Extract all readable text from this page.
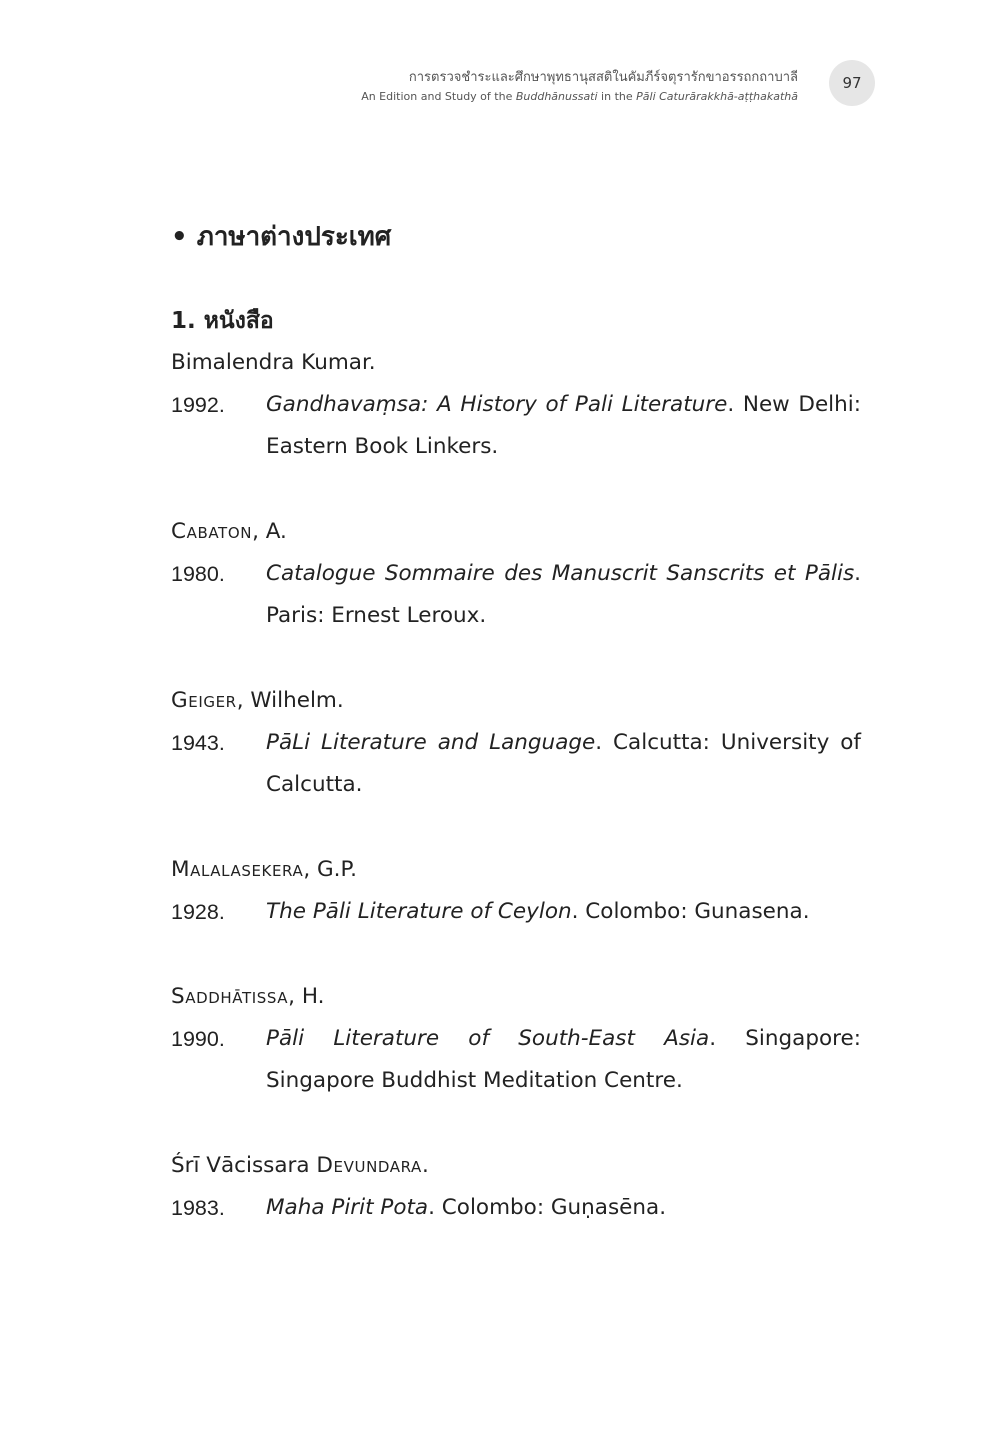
การตรวจชำระและศึกษาพุทธานุสสติในคัมภีร์จตุรารักขาอรรถกถาบาลี
An Edition and Study of the Buddhānussati in the Pāli Caturārakkhā-aṭṭhakathā
97
• ภาษาต่างประเทศ
1. หนังสือ
Bimalendra Kumar.
1992.	Gandhavaṃsa: A History of Pali Literature. New Delhi: Eastern Book Linkers.
Cabaton, A.
1980.	Catalogue Sommaire des Manuscrit Sanscrits et Pālis. Paris: Ernest Leroux.
Geiger, Wilhelm.
1943.	PāLi Literature and Language. Calcutta: University of Calcutta.
Malalasekera, G.P.
1928.	The Pāli Literature of Ceylon. Colombo: Gunasena.
Saddhātissa, H.
1990.	Pāli Literature of South-East Asia. Singapore: Singapore Buddhist Meditation Centre.
Śrī Vācissara Devundara.
1983.	Maha Pirit Pota. Colombo: Guṇasēna.
